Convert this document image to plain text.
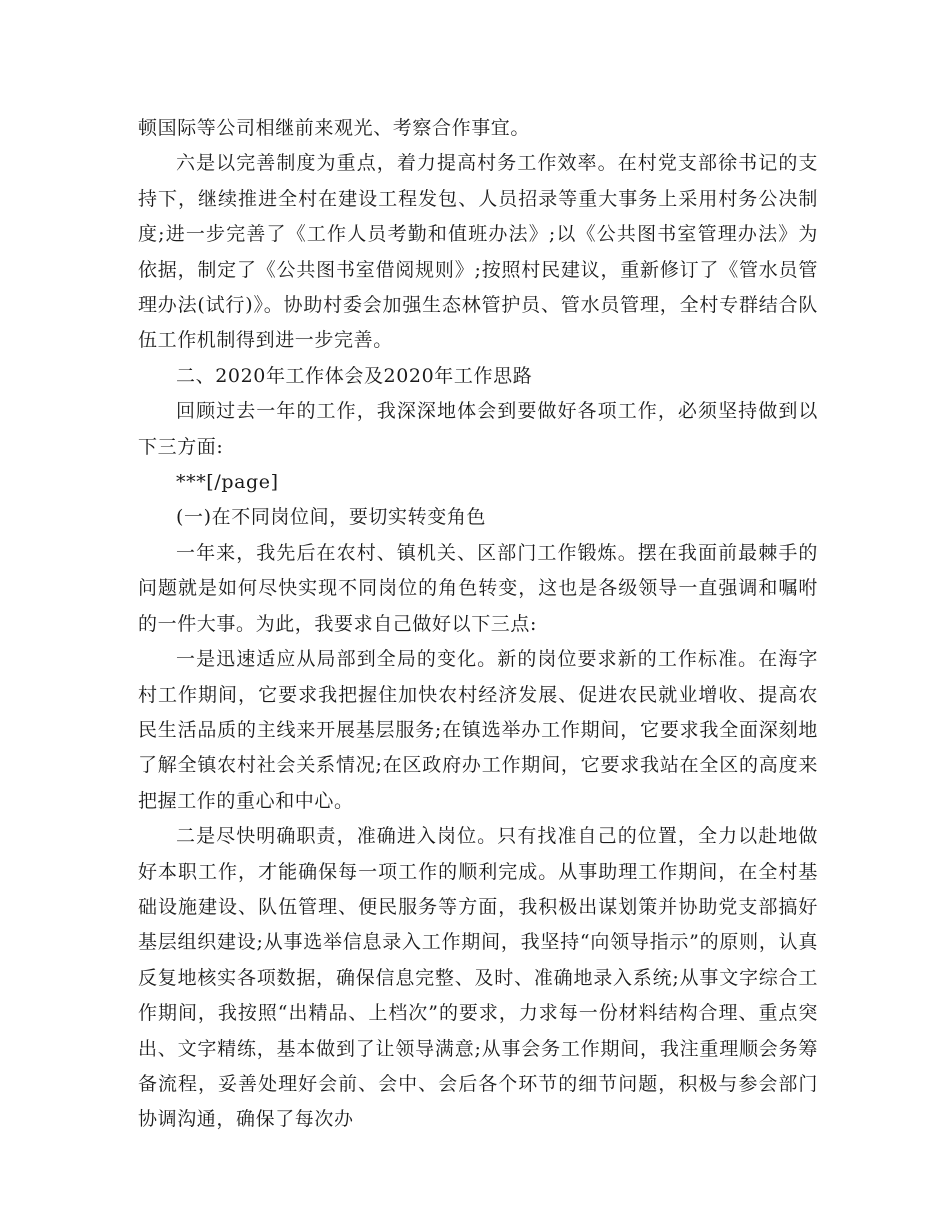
顿国际等公司相继前来观光、考察合作事宜。

六是以完善制度为重点，着力提高村务工作效率。在村党支部徐书记的支持下，继续推进全村在建设工程发包、人员招录等重大事务上采用村务公决制度;进一步完善了《工作人员考勤和值班办法》;以《公共图书室管理办法》为依据，制定了《公共图书室借阅规则》;按照村民建议，重新修订了《管水员管理办法(试行)》。协助村委会加强生态林管护员、管水员管理，全村专群结合队伍工作机制得到进一步完善。

二、2020年工作体会及2020年工作思路

回顾过去一年的工作，我深深地体会到要做好各项工作，必须坚持做到以下三方面:

***[/page]

(一)在不同岗位间，要切实转变角色

一年来，我先后在农村、镇机关、区部门工作锻炼。摆在我面前最棘手的问题就是如何尽快实现不同岗位的角色转变，这也是各级领导一直强调和嘱咐的一件大事。为此，我要求自己做好以下三点:

一是迅速适应从局部到全局的变化。新的岗位要求新的工作标准。在海字村工作期间，它要求我把握住加快农村经济发展、促进农民就业增收、提高农民生活品质的主线来开展基层服务;在镇选举办工作期间，它要求我全面深刻地了解全镇农村社会关系情况;在区政府办工作期间，它要求我站在全区的高度来把握工作的重心和中心。

二是尽快明确职责，准确进入岗位。只有找准自己的位置，全力以赴地做好本职工作，才能确保每一项工作的顺利完成。从事助理工作期间，在全村基础设施建设、队伍管理、便民服务等方面，我积极出谋划策并协助党支部搞好基层组织建设;从事选举信息录入工作期间，我坚持“向领导指示”的原则，认真反复地核实各项数据，确保信息完整、及时、准确地录入系统;从事文字综合工作期间，我按照“出精品、上档次”的要求，力求每一份材料结构合理、重点突出、文字精练，基本做到了让领导满意;从事会务工作期间，我注重理顺会务筹备流程，妥善处理好会前、会中、会后各个环节的细节问题，积极与参会部门协调沟通，确保了每次办
